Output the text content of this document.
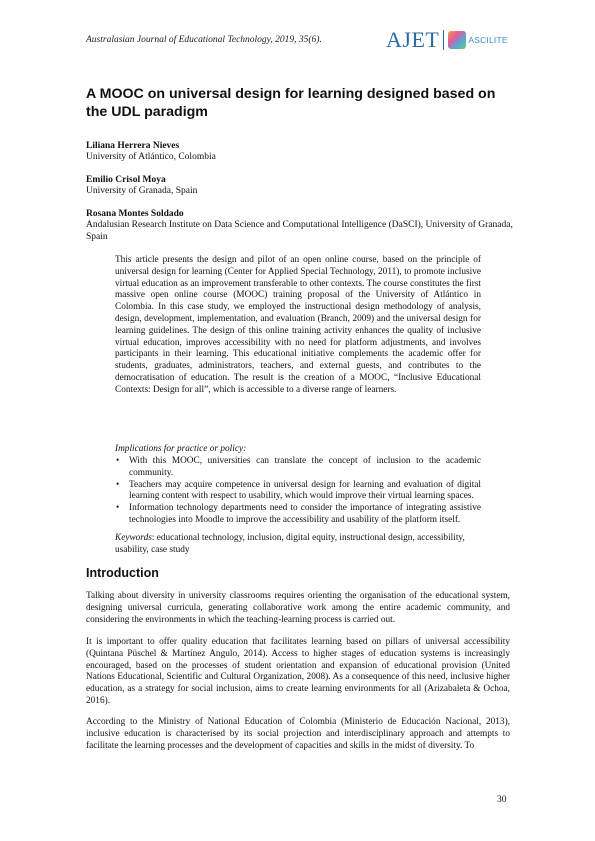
Australasian Journal of Educational Technology, 2019, 35(6).	AJET	ASCILITE
A MOOC on universal design for learning designed based on the UDL paradigm
Liliana Herrera Nieves
University of Atlántico, Colombia
Emilio Crisol Moya
University of Granada, Spain
Rosana Montes Soldado
Andalusian Research Institute on Data Science and Computational Intelligence (DaSCI), University of Granada, Spain
This article presents the design and pilot of an open online course, based on the principle of universal design for learning (Center for Applied Special Technology, 2011), to promote inclusive virtual education as an improvement transferable to other contexts. The course constitutes the first massive open online course (MOOC) training proposal of the University of Atlántico in Colombia. In this case study, we employed the instructional design methodology of analysis, design, development, implementation, and evaluation (Branch, 2009) and the universal design for learning guidelines. The design of this online training activity enhances the quality of inclusive virtual education, improves accessibility with no need for platform adjustments, and involves participants in their learning. This educational initiative complements the academic offer for students, graduates, administrators, teachers, and external guests, and contributes to the democratisation of education. The result is the creation of a MOOC, “Inclusive Educational Contexts: Design for all”, which is accessible to a diverse range of learners.
Implications for practice or policy:
• With this MOOC, universities can translate the concept of inclusion to the academic community.
• Teachers may acquire competence in universal design for learning and evaluation of digital learning content with respect to usability, which would improve their virtual learning spaces.
• Information technology departments need to consider the importance of integrating assistive technologies into Moodle to improve the accessibility and usability of the platform itself.
Keywords: educational technology, inclusion, digital equity, instructional design, accessibility, usability, case study
Introduction
Talking about diversity in university classrooms requires orienting the organisation of the educational system, designing universal curricula, generating collaborative work among the entire academic community, and considering the environments in which the teaching-learning process is carried out.
It is important to offer quality education that facilitates learning based on pillars of universal accessibility (Quintana Püschel & Martínez Angulo, 2014). Access to higher stages of education systems is increasingly encouraged, based on the processes of student orientation and expansion of educational provision (United Nations Educational, Scientific and Cultural Organization, 2008). As a consequence of this need, inclusive higher education, as a strategy for social inclusion, aims to create learning environments for all (Arizabaleta & Ochoa, 2016).
According to the Ministry of National Education of Colombia (Ministerio de Educación Nacional, 2013), inclusive education is characterised by its social projection and interdisciplinary approach and attempts to facilitate the learning processes and the development of capacities and skills in the midst of diversity. To
30
